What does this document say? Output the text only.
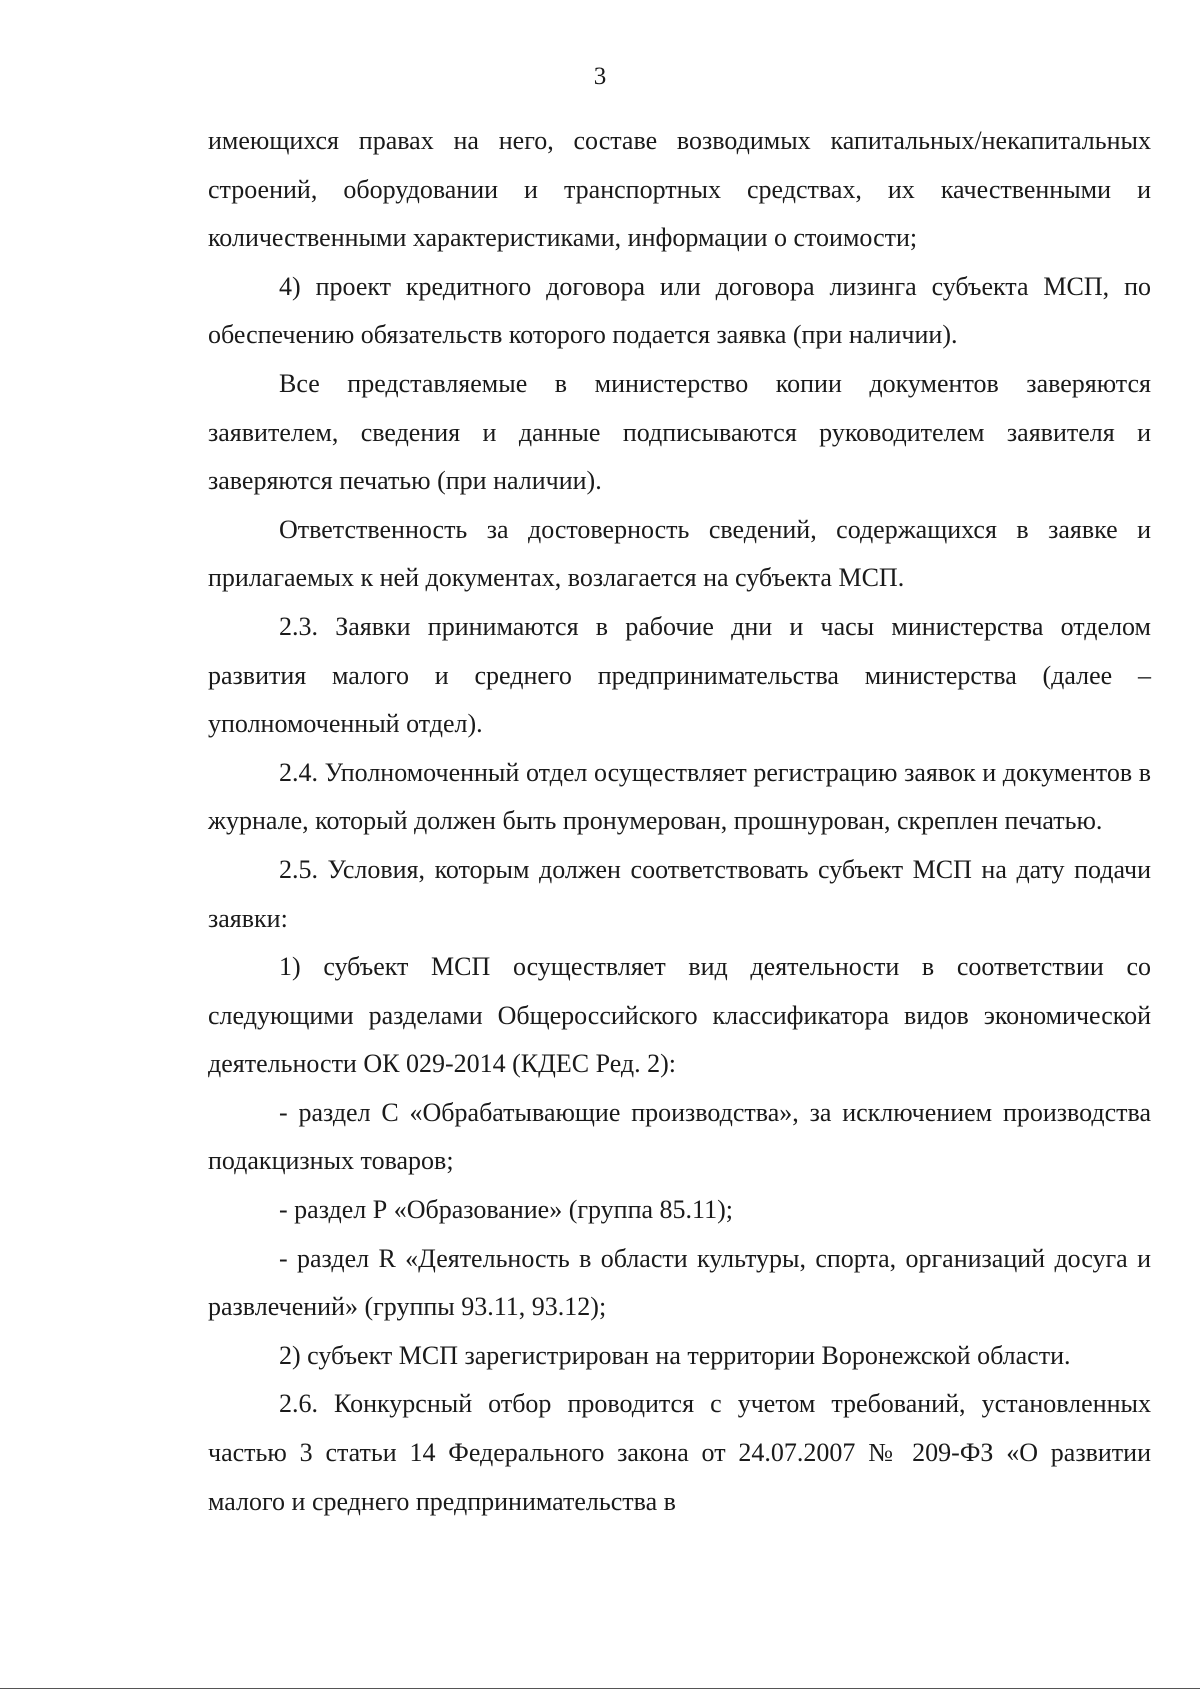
3

имеющихся правах на него, составе возводимых капитальных/некапитальных строений, оборудовании и транспортных средствах, их качественными и количественными характеристиками, информации о стоимости;

4) проект кредитного договора или договора лизинга субъекта МСП, по обеспечению обязательств которого подается заявка (при наличии).

Все представляемые в министерство копии документов заверяются заявителем, сведения и данные подписываются руководителем заявителя и заверяются печатью (при наличии).

Ответственность за достоверность сведений, содержащихся в заявке и прилагаемых к ней документах, возлагается на субъекта МСП.

2.3. Заявки принимаются в рабочие дни и часы министерства отделом развития малого и среднего предпринимательства министерства (далее – уполномоченный отдел).

2.4. Уполномоченный отдел осуществляет регистрацию заявок и документов в журнале, который должен быть пронумерован, прошнурован, скреплен печатью.

2.5. Условия, которым должен соответствовать субъект МСП на дату подачи заявки:

1) субъект МСП осуществляет вид деятельности в соответствии со следующими разделами Общероссийского классификатора видов экономической деятельности ОК 029-2014 (КДЕС Ред. 2):

- раздел С «Обрабатывающие производства», за исключением производства подакцизных товаров;

- раздел Р «Образование» (группа 85.11);

- раздел R «Деятельность в области культуры, спорта, организаций досуга и развлечений» (группы 93.11, 93.12);

2) субъект МСП зарегистрирован на территории Воронежской области.

2.6. Конкурсный отбор проводится с учетом требований, установленных частью 3 статьи 14 Федерального закона от 24.07.2007 № 209-ФЗ «О развитии малого и среднего предпринимательства в
